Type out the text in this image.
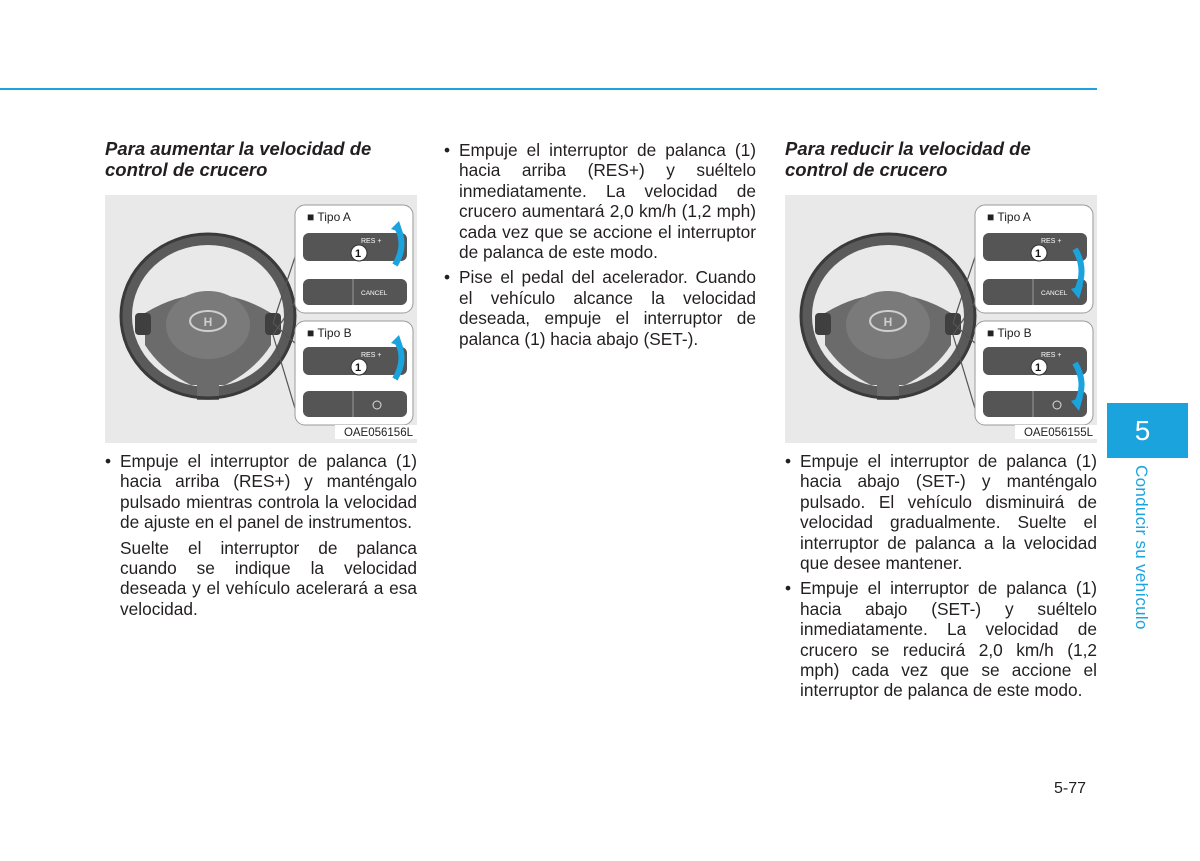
Para aumentar la velocidad de control de crucero
H
■ Tipo A
■ Tipo B
RES +
SET —
CANCEL
RES +
SET —
1
1
OAE056156L
• Empuje el interruptor de palanca (1) hacia arriba (RES+) y manténgalo pulsado mientras controla la velocidad de ajuste en el panel de instrumentos.

Suelte el interruptor de palanca cuando se indique la velocidad deseada y el vehículo acelerará a esa velocidad.

• Empuje el interruptor de palanca (1) hacia arriba (RES+) y suéltelo inmediatamente. La velocidad de crucero aumentará 2,0 km/h (1,2 mph) cada vez que se accione el interruptor de palanca de este modo.
• Pise el pedal del acelerador. Cuando el vehículo alcance la velocidad deseada, empuje el interruptor de palanca (1) hacia abajo (SET-).
Para reducir la velocidad de control de crucero
H
■ Tipo A
■ Tipo B
RES +
SET —
CANCEL
RES +
SET —
1
1
OAE056155L
• Empuje el interruptor de palanca (1) hacia abajo (SET-) y manténgalo pulsado. El vehículo disminuirá de velocidad gradualmente. Suelte el interruptor de palanca a la velocidad que desee mantener.
• Empuje el interruptor de palanca (1) hacia abajo (SET-) y suéltelo inmediatamente. La velocidad de crucero se reducirá 2,0 km/h (1,2 mph) cada vez que se accione el interruptor de palanca de este modo.
5
Conducir su vehículo
5-77
